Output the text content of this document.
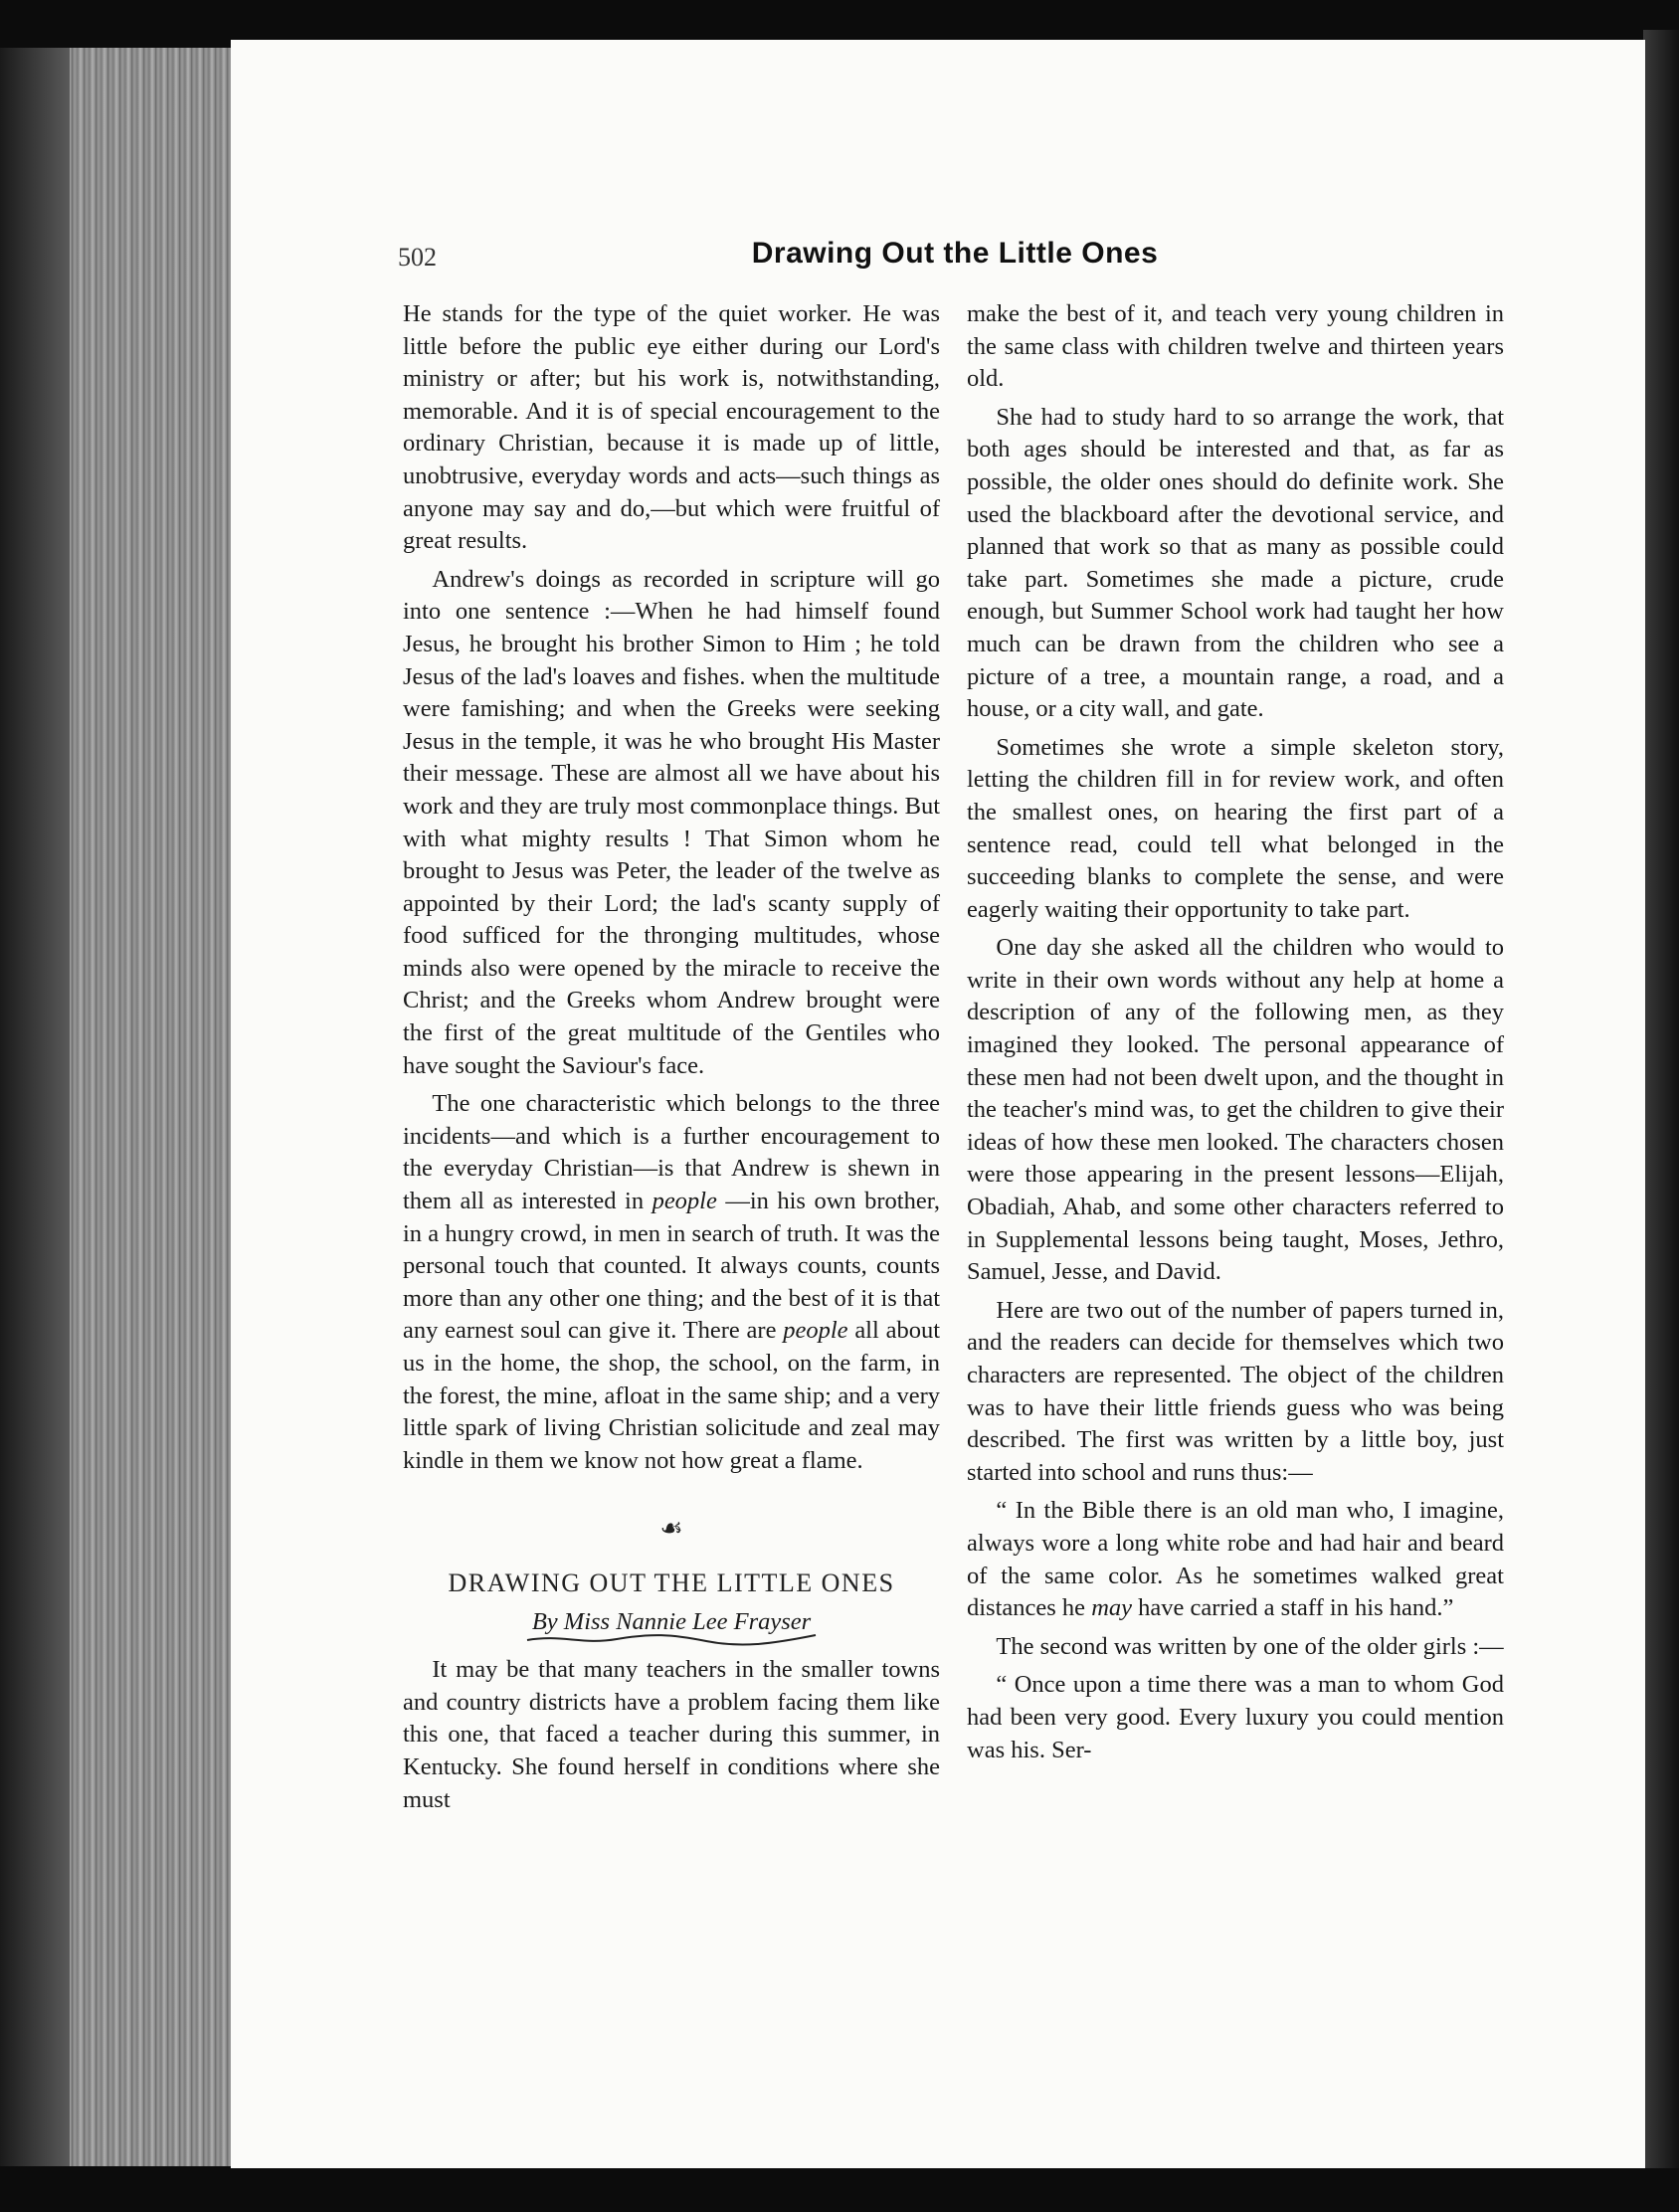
502	Drawing Out the Little Ones

He stands for the type of the quiet worker. He was little before the public eye either during our Lord's ministry or after; but his work is, notwithstanding, memorable. And it is of special encouragement to the ordinary Christian, because it is made up of little, unobtrusive, everyday words and acts—such things as anyone may say and do,—but which were fruitful of great results.

Andrew's doings as recorded in scripture will go into one sentence :—When he had himself found Jesus, he brought his brother Simon to Him ; he told Jesus of the lad's loaves and fishes. when the multitude were famishing; and when the Greeks were seeking Jesus in the temple, it was he who brought His Master their message. These are almost all we have about his work and they are truly most commonplace things. But with what mighty results ! That Simon whom he brought to Jesus was Peter, the leader of the twelve as appointed by their Lord; the lad's scanty supply of food sufficed for the thronging multitudes, whose minds also were opened by the miracle to receive the Christ; and the Greeks whom Andrew brought were the first of the great multitude of the Gentiles who have sought the Saviour's face.

The one characteristic which belongs to the three incidents—and which is a further encouragement to the everyday Christian—is that Andrew is shewn in them all as interested in people —in his own brother, in a hungry crowd, in men in search of truth. It was the personal touch that counted. It always counts, counts more than any other one thing; and the best of it is that any earnest soul can give it. There are people all about us in the home, the shop, the school, on the farm, in the forest, the mine, afloat in the same ship; and a very little spark of living Christian solicitude and zeal may kindle in them we know not how great a flame.

☙
DRAWING OUT THE LITTLE ONES
By Miss Nannie Lee Frayser

It may be that many teachers in the smaller towns and country districts have a problem facing them like this one, that faced a teacher during this summer, in Kentucky. She found herself in conditions where she must

make the best of it, and teach very young children in the same class with children twelve and thirteen years old.

She had to study hard to so arrange the work, that both ages should be interested and that, as far as possible, the older ones should do definite work. She used the blackboard after the devotional service, and planned that work so that as many as possible could take part. Sometimes she made a picture, crude enough, but Summer School work had taught her how much can be drawn from the children who see a picture of a tree, a mountain range, a road, and a house, or a city wall, and gate.

Sometimes she wrote a simple skeleton story, letting the children fill in for review work, and often the smallest ones, on hearing the first part of a sentence read, could tell what belonged in the succeeding blanks to complete the sense, and were eagerly waiting their opportunity to take part.

One day she asked all the children who would to write in their own words without any help at home a description of any of the following men, as they imagined they looked. The personal appearance of these men had not been dwelt upon, and the thought in the teacher's mind was, to get the children to give their ideas of how these men looked. The characters chosen were those appearing in the present lessons—Elijah, Obadiah, Ahab, and some other characters referred to in Supplemental lessons being taught, Moses, Jethro, Samuel, Jesse, and David.

Here are two out of the number of papers turned in, and the readers can decide for themselves which two characters are represented. The object of the children was to have their little friends guess who was being described. The first was written by a little boy, just started into school and runs thus:—

“ In the Bible there is an old man who, I imagine, always wore a long white robe and had hair and beard of the same color. As he sometimes walked great distances he may have carried a staff in his hand.”

The second was written by one of the older girls :—

“ Once upon a time there was a man to whom God had been very good. Every luxury you could mention was his. Ser-
